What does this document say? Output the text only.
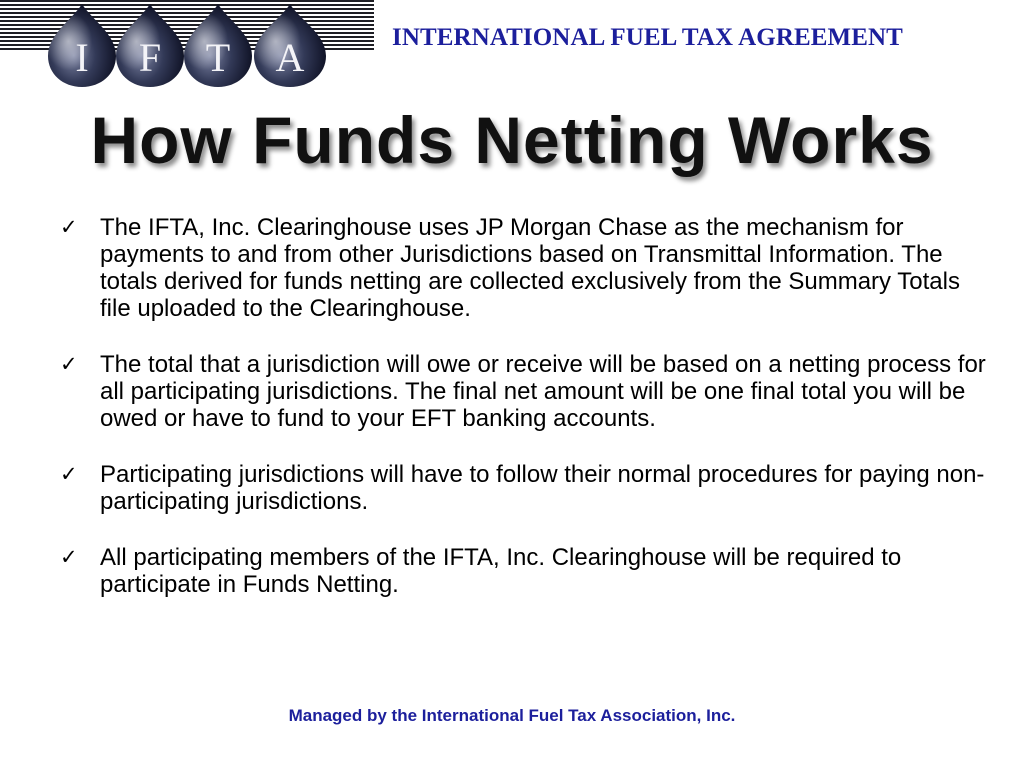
I F T A	INTERNATIONAL FUEL TAX AGREEMENT
How Funds Netting Works
✓ The IFTA, Inc. Clearinghouse uses JP Morgan Chase as the mechanism for payments to and from other Jurisdictions based on Transmittal Information. The totals derived for funds netting are collected exclusively from the Summary Totals file uploaded to the Clearinghouse.
✓ The total that a jurisdiction will owe or receive will be based on a netting process for all participating jurisdictions. The final net amount will be one final total you will be owed or have to fund to your EFT banking accounts.
✓ Participating jurisdictions will have to follow their normal procedures for paying non-participating jurisdictions.
✓ All participating members of the IFTA, Inc. Clearinghouse will be required to participate in Funds Netting.
Managed by the International Fuel Tax Association, Inc.
